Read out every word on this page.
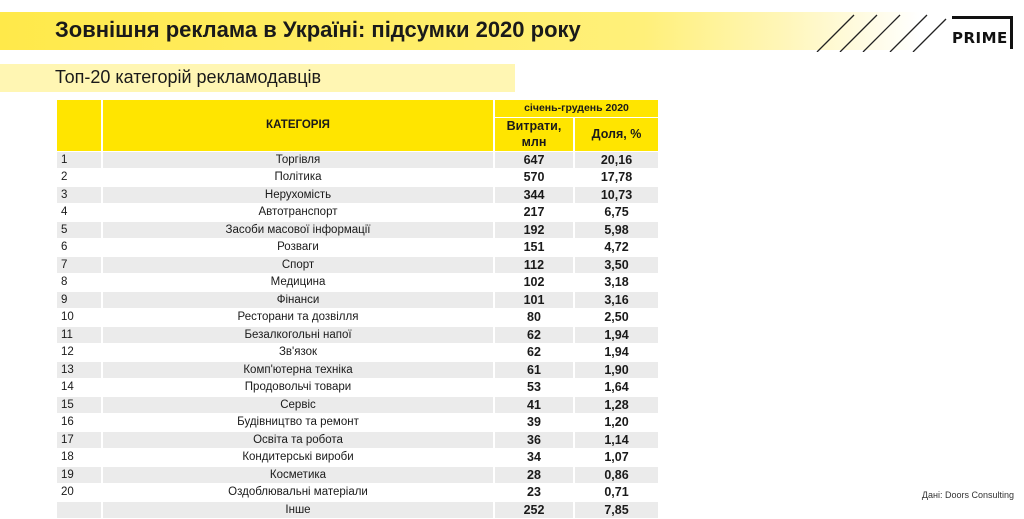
Зовнішня реклама в Україні: підсумки 2020 року	PRIME
Топ-20 категорій рекламодавців
	КАТЕГОРІЯ	січень-грудень 2020	
		Витрати, млн	Доля, %
1	Торгівля	647	20,16
2	Політика	570	17,78
3	Нерухомість	344	10,73
4	Автотранспорт	217	6,75
5	Засоби масової інформації	192	5,98
6	Розваги	151	4,72
7	Спорт	112	3,50
8	Медицина	102	3,18
9	Фінанси	101	3,16
10	Ресторани та дозвілля	80	2,50
11	Безалкогольні напої	62	1,94
12	Зв'язок	62	1,94
13	Комп'ютерна техніка	61	1,90
14	Продовольчі товари	53	1,64
15	Сервіс	41	1,28
16	Будівництво та ремонт	39	1,20
17	Освіта та робота	36	1,14
18	Кондитерські вироби	34	1,07
19	Косметика	28	0,86
20	Оздоблювальні матеріали	23	0,71
	Інше	252	7,85
Дані: Doors Consulting
